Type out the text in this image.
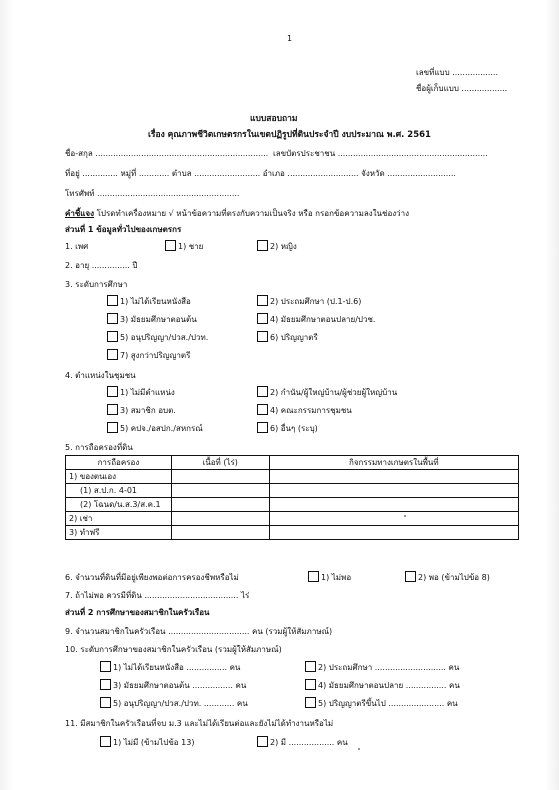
1
เลขที่แบบ ..................
ชื่อผู้เก็บแบบ ..................
แบบสอบถาม
เรื่อง คุณภาพชีวิตเกษตรกรในเขตปฏิรูปที่ดินประจำปี งบประมาณ พ.ศ. 2561
ชื่อ-สกุล .................................................................... เลขบัตรประชาชน ...........................................................
ที่อยู่ .............. หมู่ที่ ............ ตำบล .......................... อำเภอ ............................ จังหวัด ...........................
โทรศัพท์ ........................................................
คำชี้แจง โปรดทำเครื่องหมาย √ หน้าข้อความที่ตรงกับความเป็นจริง หรือ กรอกข้อความลงในช่องว่าง
ส่วนที่ 1 ข้อมูลทั่วไปของเกษตรกร
1. เพศ	1) ชาย	2) หญิง
2. อายุ ............... ปี
3. ระดับการศึกษา
1) ไม่ได้เรียนหนังสือ	2) ประถมศึกษา (ป.1-ป.6)
3) มัธยมศึกษาตอนต้น	4) มัธยมศึกษาตอนปลาย/ปวช.
5) อนุปริญญา/ปวส./ปวท.	6) ปริญญาตรี
7) สูงกว่าปริญญาตรี
4. ตำแหน่งในชุมชน
1) ไม่มีตำแหน่ง	2) กำนัน/ผู้ใหญ่บ้าน/ผู้ช่วยผู้ใหญ่บ้าน
3) สมาชิก อบต.	4) คณะกรรมการชุมชน
5) คปจ./อสปก./สหกรณ์	6) อื่นๆ (ระบุ)
5. การถือครองที่ดิน
การถือครอง	เนื้อที่ (ไร่)	กิจกรรมทางเกษตรในพื้นที่
1) ของตนเอง		
(1) ส.ป.ก. 4-01		
(2) โฉนด/น.ส.3/ส.ค.1		
2) เช่า		
3) ทำฟรี		
6. จำนวนที่ดินที่มีอยู่เพียงพอต่อการครองชีพหรือไม่	1) ไม่พอ	2) พอ (ข้ามไปข้อ 8)
7. ถ้าไม่พอ ควรมีที่ดิน ..................................... ไร่
ส่วนที่ 2 การศึกษาของสมาชิกในครัวเรือน
9. จำนวนสมาชิกในครัวเรือน ................................ คน (รวมผู้ให้สัมภาษณ์)
10. ระดับการศึกษาของสมาชิกในครัวเรือน (รวมผู้ให้สัมภาษณ์)
1) ไม่ได้เรียนหนังสือ ................ คน	2) ประถมศึกษา ............................ คน
3) มัธยมศึกษาตอนต้น ................ คน	4) มัธยมศึกษาตอนปลาย ................ คน
5) อนุปริญญา/ปวส./ปวท. ............ คน	5) ปริญญาตรีขึ้นไป ...................... คน
11. มีสมาชิกในครัวเรือนที่จบ ม.3 และไม่ได้เรียนต่อและยังไม่ได้ทำงานหรือไม่
1) ไม่มี (ข้ามไปข้อ 13)	2) มี .................. คน
